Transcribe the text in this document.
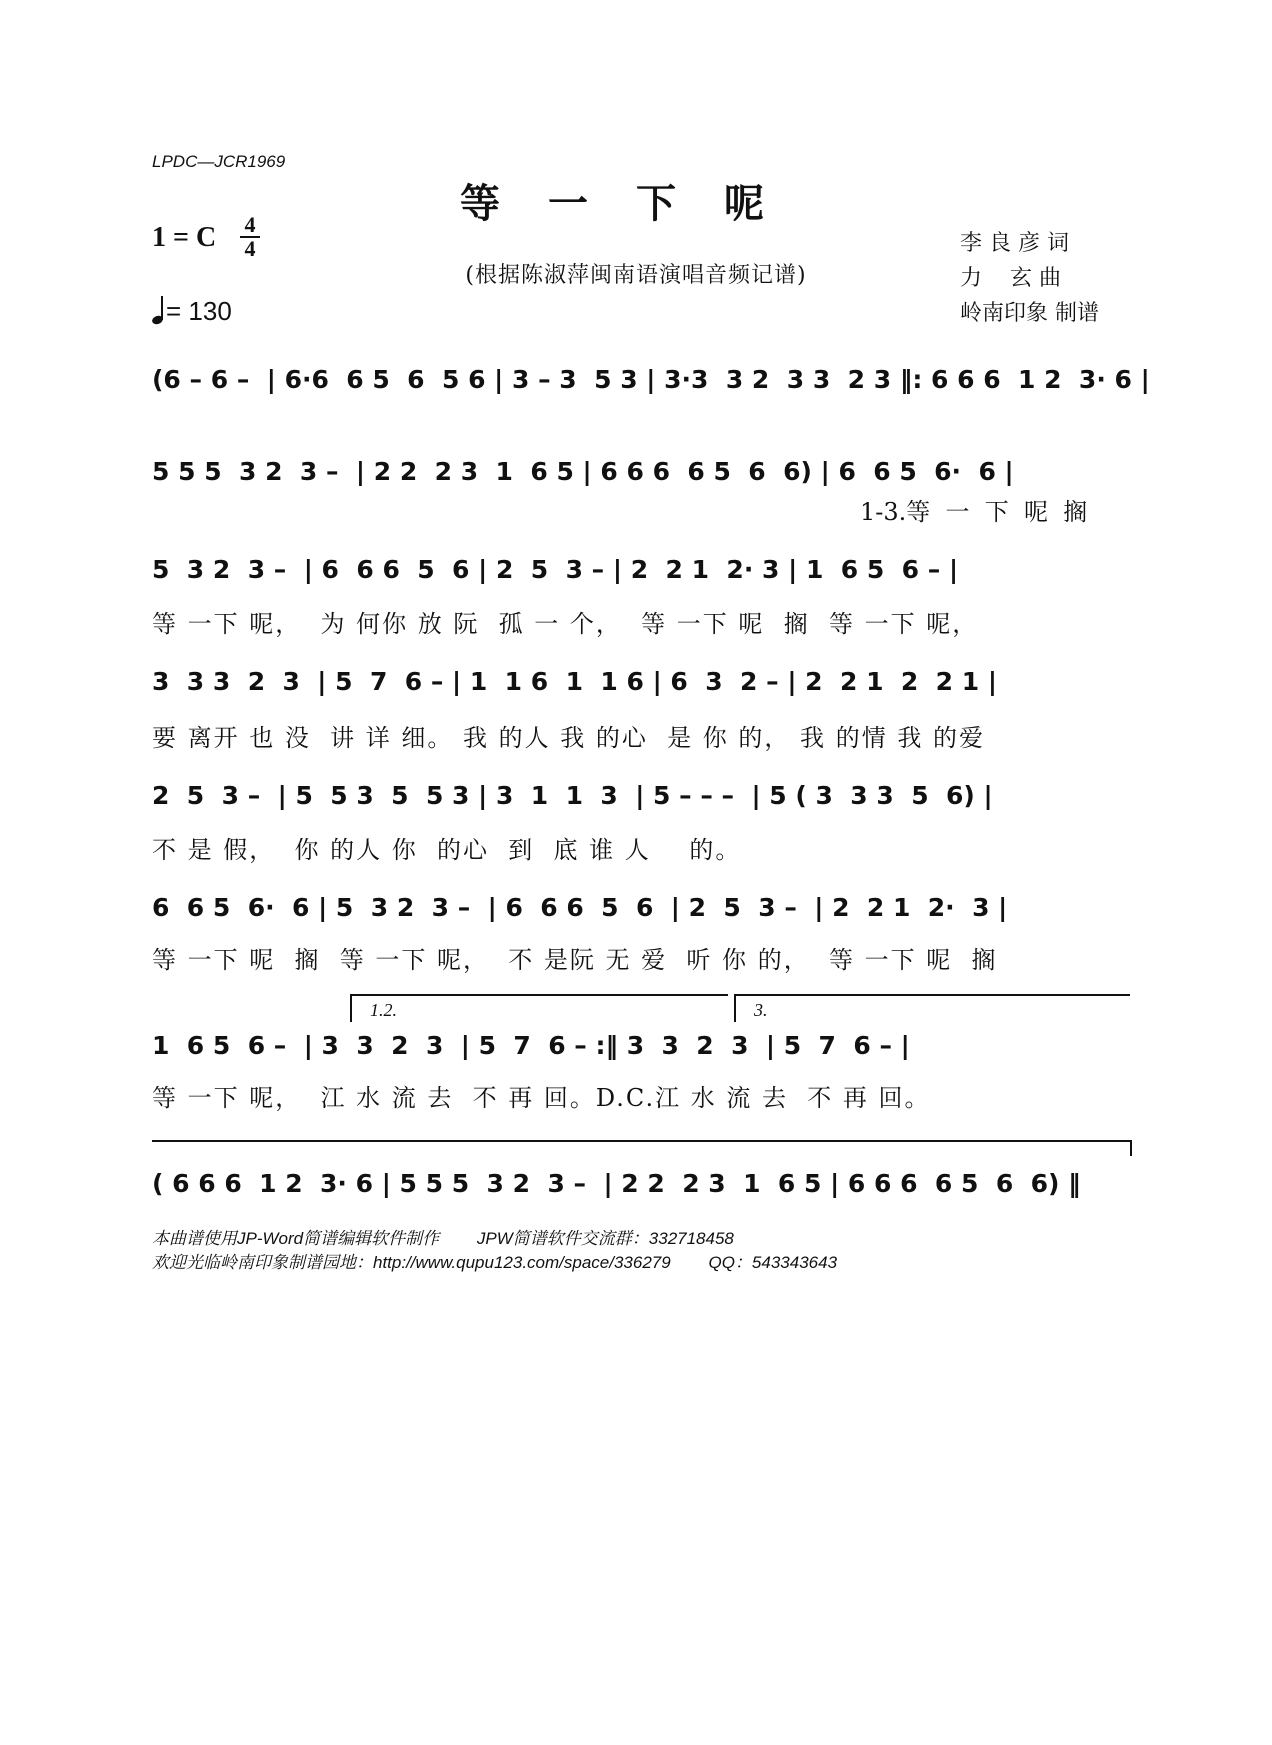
LPDC—JCR1969
等一下呢
1 = C 4
4
= 130
(根据陈淑萍闽南语演唱音频记谱)
李 良 彦 词
力    玄 曲
岭南印象 制谱
(6 – 6 –  | 6·6  6 5  6  5 6 | 3 – 3  5 3 | 3·3  3 2  3 3  2 3 ‖: 6 6 6  1 2  3· 6 |
5 5 5  3 2  3 –  | 2 2  2 3  1  6 5 | 6 6 6  6 5  6  6) | 6  6 5  6·  6 |
1-3.等  一  下  呢  搁
5  3 2  3 –  | 6  6 6  5  6 | 2  5  3 – | 2  2 1  2· 3 | 1  6 5  6 – |
等 一下 呢，  为 何你 放 阮  孤 一 个，  等 一下 呢  搁  等 一下 呢，
3  3 3  2  3  | 5  7  6 – | 1  1 6  1  1 6 | 6  3  2 – | 2  2 1  2  2 1 |
要 离开 也 没  讲 详 细。 我 的人 我 的心  是 你 的， 我 的情 我 的爱
2  5  3 –  | 5  5 3  5  5 3 | 3  1  1  3  | 5 – – –  | 5 ( 3  3 3  5  6) |
不 是 假，  你 的人 你  的心  到  底 谁 人    的。
6  6 5  6·  6 | 5  3 2  3 –  | 6  6 6  5  6  | 2  5  3 –  | 2  2 1  2·  3 |
等 一下 呢  搁  等 一下 呢，  不 是阮 无 爱  听 你 的，  等 一下 呢  搁
1.2.	3.
1  6 5  6 –  | 3  3  2  3  | 5  7  6 – :‖ 3  3  2  3  | 5  7  6 – |
等 一下 呢，  江 水 流 去  不 再 回。D.C.江 水 流 去  不 再 回。
( 6 6 6  1 2  3· 6 | 5 5 5  3 2  3 –  | 2 2  2 3  1  6 5 | 6 6 6  6 5  6  6) ‖
本曲谱使用JP-Word简谱编辑软件制作        JPW简谱软件交流群：332718458
欢迎光临岭南印象制谱园地：http://www.qupu123.com/space/336279        QQ：543343643
